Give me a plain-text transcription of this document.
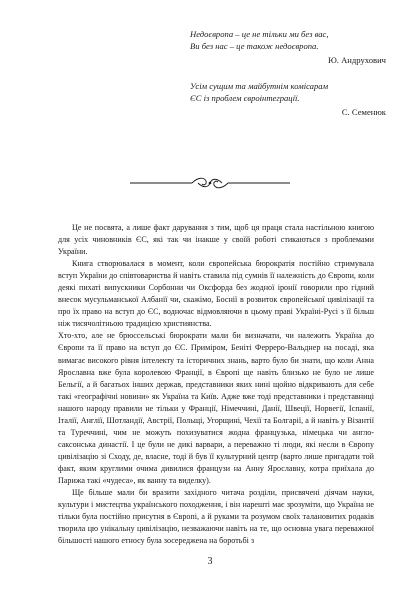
Недоєвропа – це не тільки ми без вас,
Ви без нас – це також недоєвропа.
Ю. Андрухович
Усім сущим та майбутнім комісарам
ЄС із проблем євроінтеграції.
С. Семенюк

Це не посвята, а лише факт дарування з тим, щоб ця праця стала настільною книгою для усіх чиновників ЄС, які так чи інакше у своїй роботі стикаються з проблемами України.

Книга створювалася в момент, коли європейська бюрократія постійно стримувала вступ України до співтовариства й навіть ставила під сумнів її належність до Європи, коли деякі пихаті випускники Сорбонни чи Оксфорда без жодної іронії говорили про гідний внесок мусульманської Албанії чи, скажімо, Боснії в розвиток європейської цивілізації та про їх право на вступ до ЄС, водночас відмовляючи в цьому праві Україні-Русі з її більш ніж тисячолітньою традицією християнства.

Хто-хто, але не брюссельські бюрократи мали би визначати, чи належить Україна до Європи та її право на вступ до ЄС. Приміром, Беніті Ферреро-Вальднер на посаді, яка вимагає високого рівня інтелекту та історичних знань, варто було би знати, що коли Анна Ярославна вже була королевою Франції, в Європі ще навіть близько не було не лише Бельгії, а й багатьох інших держав, представники яких нині щойно відкривають для себе такі «географічні новини» як Україна та Київ. Адже вже тоді представники і представниці нашого народу правили не тільки у Франції, Німеччині, Данії, Швеції, Норвегії, Іспанії, Італії, Англії, Шотландії, Австрії, Польщі, Угорщині, Чехії та Болгарії, а й навіть у Візантії та Туреччині, чим не можуть похизуватися жодна французька, німецька чи англо-саксонська династії. І це були не дикі варвари, а переважно ті люди, які несли в Європу цивілізацію зі Сходу, де, власне, тоді й був її культурний центр (варто лише пригадати той факт, яким круглими очима дивилися французи на Анну Ярославну, котра приїхала до Парижа такі «чудеса», як ванну та виделку).

Ще більше мали би вразити західного читача розділи, присвячені діячам науки, культури і мистецтва українського походження, і він нарешті має зрозуміти, що Україна не тільки була постійно присутня в Європі, а й руками та розумом своїх талановитих родаків творила цю унікальну цивілізацію, незважаючи навіть на те, що основна увага переважної більшості нашого етносу була зосереджена на боротьбі з

3
